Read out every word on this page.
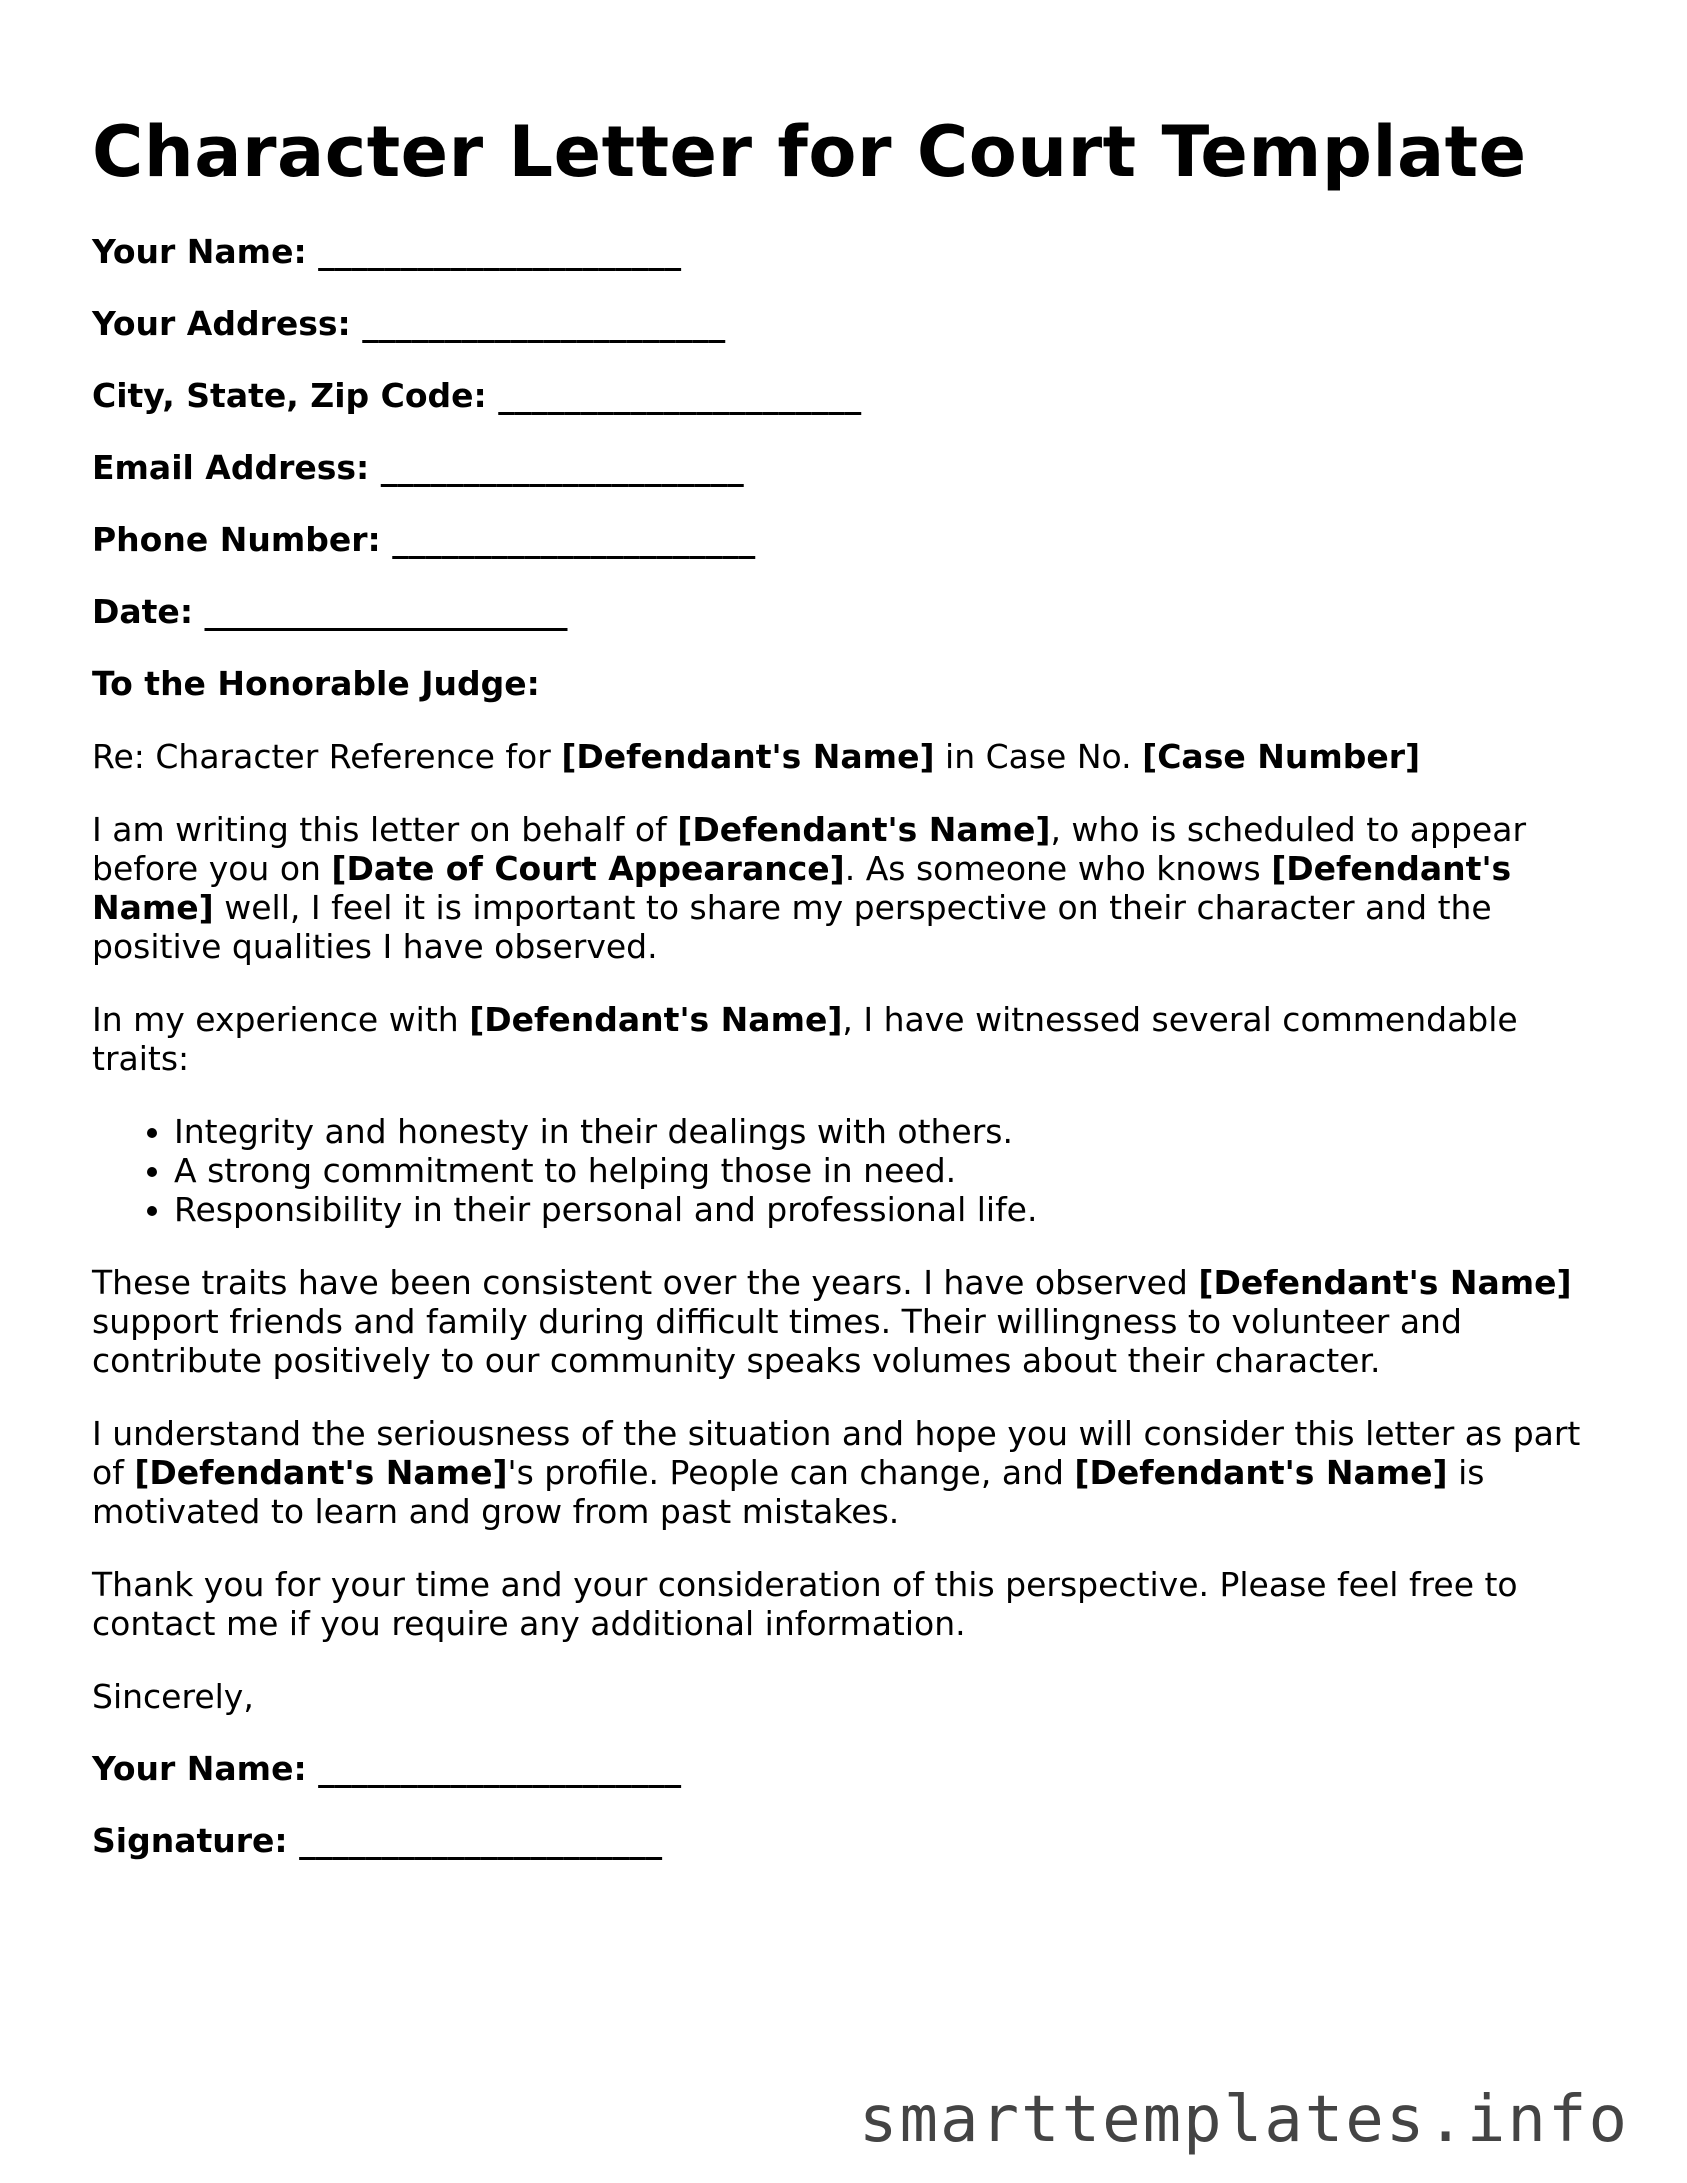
Character Letter for Court Template
Your Name: ______________________
Your Address: ______________________
City, State, Zip Code: ______________________
Email Address: ______________________
Phone Number: ______________________
Date: ______________________
To the Honorable Judge:

Re: Character Reference for [Defendant's Name] in Case No. [Case Number]

I am writing this letter on behalf of [Defendant's Name], who is scheduled to appear before you on [Date of Court Appearance]. As someone who knows [Defendant's Name] well, I feel it is important to share my perspective on their character and the positive qualities I have observed.

In my experience with [Defendant's Name], I have witnessed several commendable traits:

• Integrity and honesty in their dealings with others.
• A strong commitment to helping those in need.
• Responsibility in their personal and professional life.

These traits have been consistent over the years. I have observed [Defendant's Name] support friends and family during difficult times. Their willingness to volunteer and contribute positively to our community speaks volumes about their character.

I understand the seriousness of the situation and hope you will consider this letter as part of [Defendant's Name]'s profile. People can change, and [Defendant's Name] is motivated to learn and grow from past mistakes.

Thank you for your time and your consideration of this perspective. Please feel free to contact me if you require any additional information.

Sincerely,

Your Name: ______________________
Signature: ______________________
smarttemplates.info
